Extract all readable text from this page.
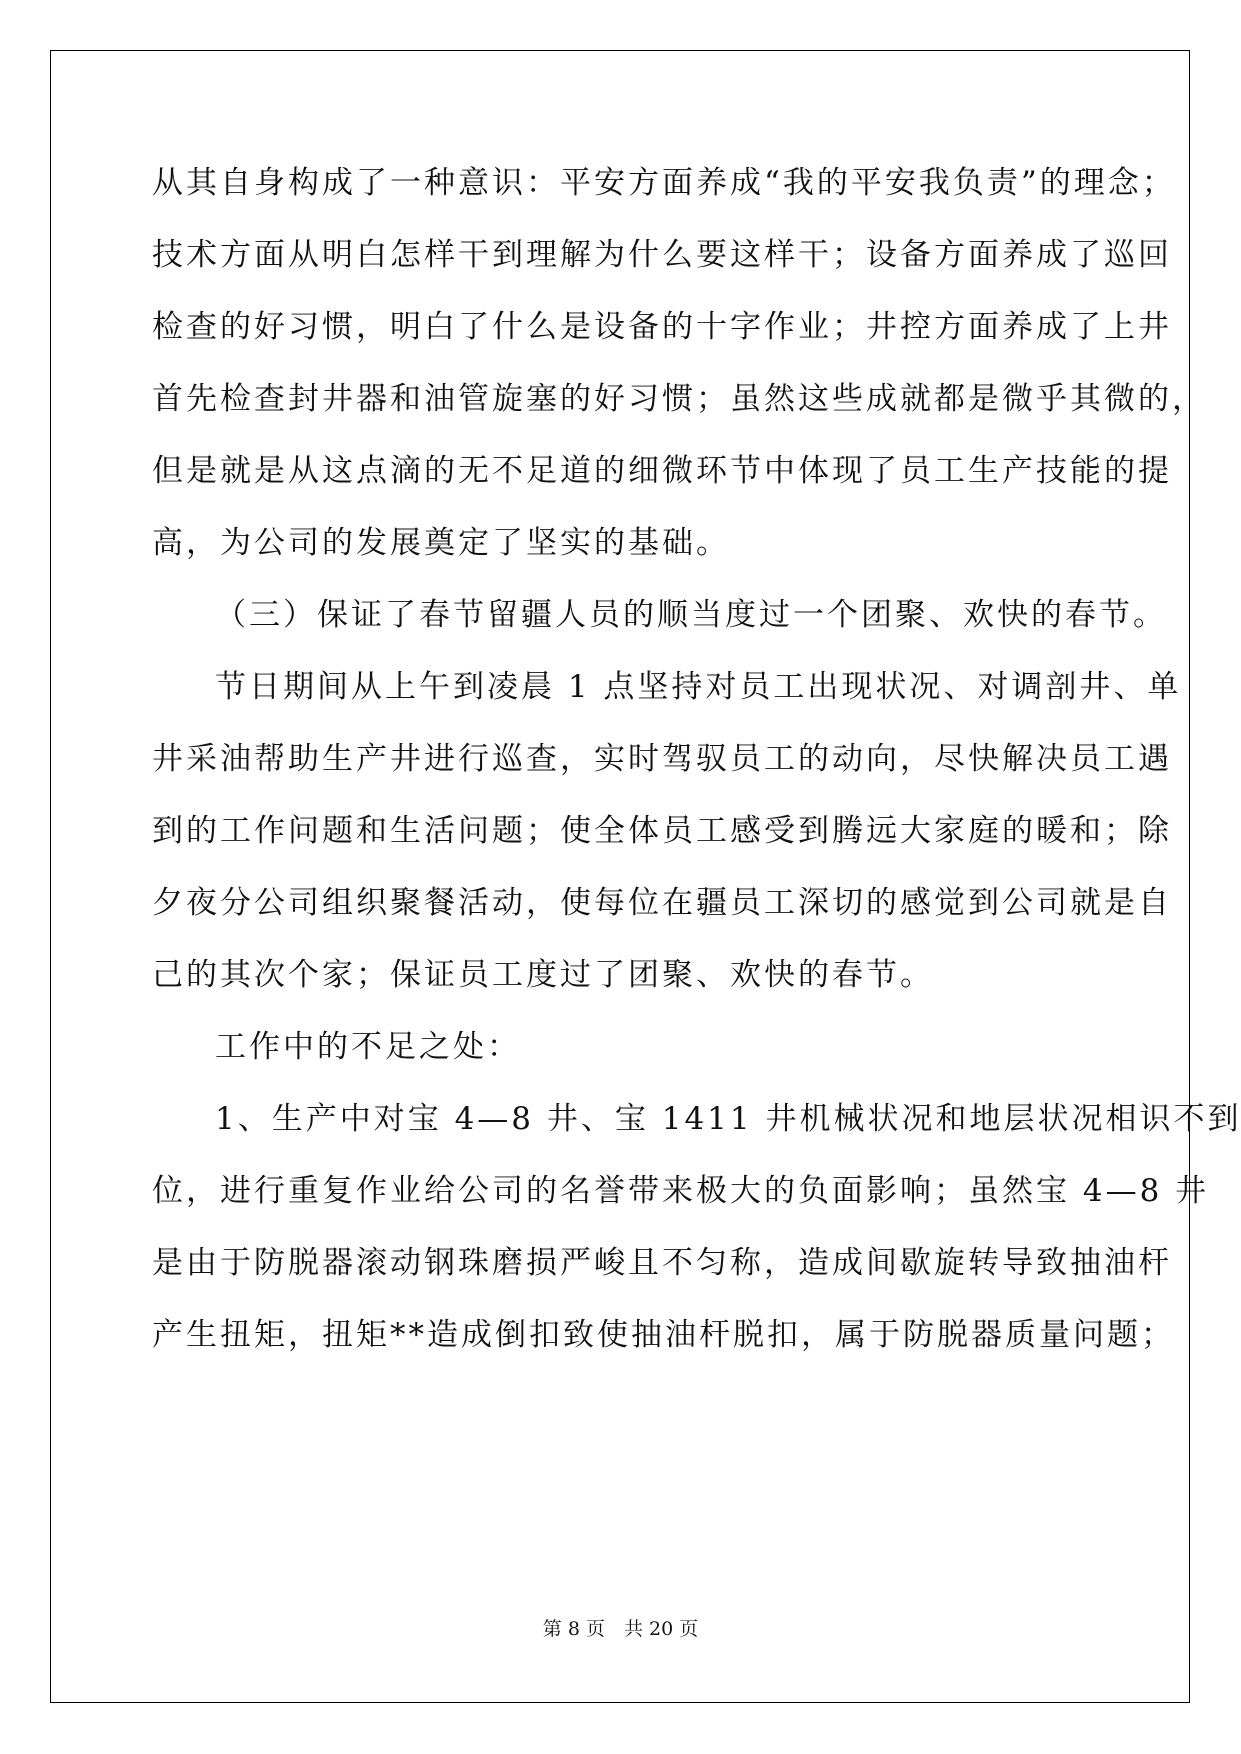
从其自身构成了一种意识：平安方面养成“我的平安我负责”的理念；
技术方面从明白怎样干到理解为什么要这样干；设备方面养成了巡回
检查的好习惯，明白了什么是设备的十字作业；井控方面养成了上井
首先检查封井器和油管旋塞的好习惯；虽然这些成就都是微乎其微的，
但是就是从这点滴的无不足道的细微环节中体现了员工生产技能的提
高，为公司的发展奠定了坚实的基础。
（三）保证了春节留疆人员的顺当度过一个团聚、欢快的春节。
节日期间从上午到凌晨 1 点坚持对员工出现状况、对调剖井、单
井采油帮助生产井进行巡查，实时驾驭员工的动向，尽快解决员工遇
到的工作问题和生活问题；使全体员工感受到腾远大家庭的暖和；除
夕夜分公司组织聚餐活动，使每位在疆员工深切的感觉到公司就是自
己的其次个家；保证员工度过了团聚、欢快的春节。
工作中的不足之处：
1、生产中对宝 4—8 井、宝 1411 井机械状况和地层状况相识不到
位，进行重复作业给公司的名誉带来极大的负面影响；虽然宝 4—8 井
是由于防脱器滚动钢珠磨损严峻且不匀称，造成间歇旋转导致抽油杆
产生扭矩，扭矩**造成倒扣致使抽油杆脱扣，属于防脱器质量问题；
第 8 页　共 20 页
